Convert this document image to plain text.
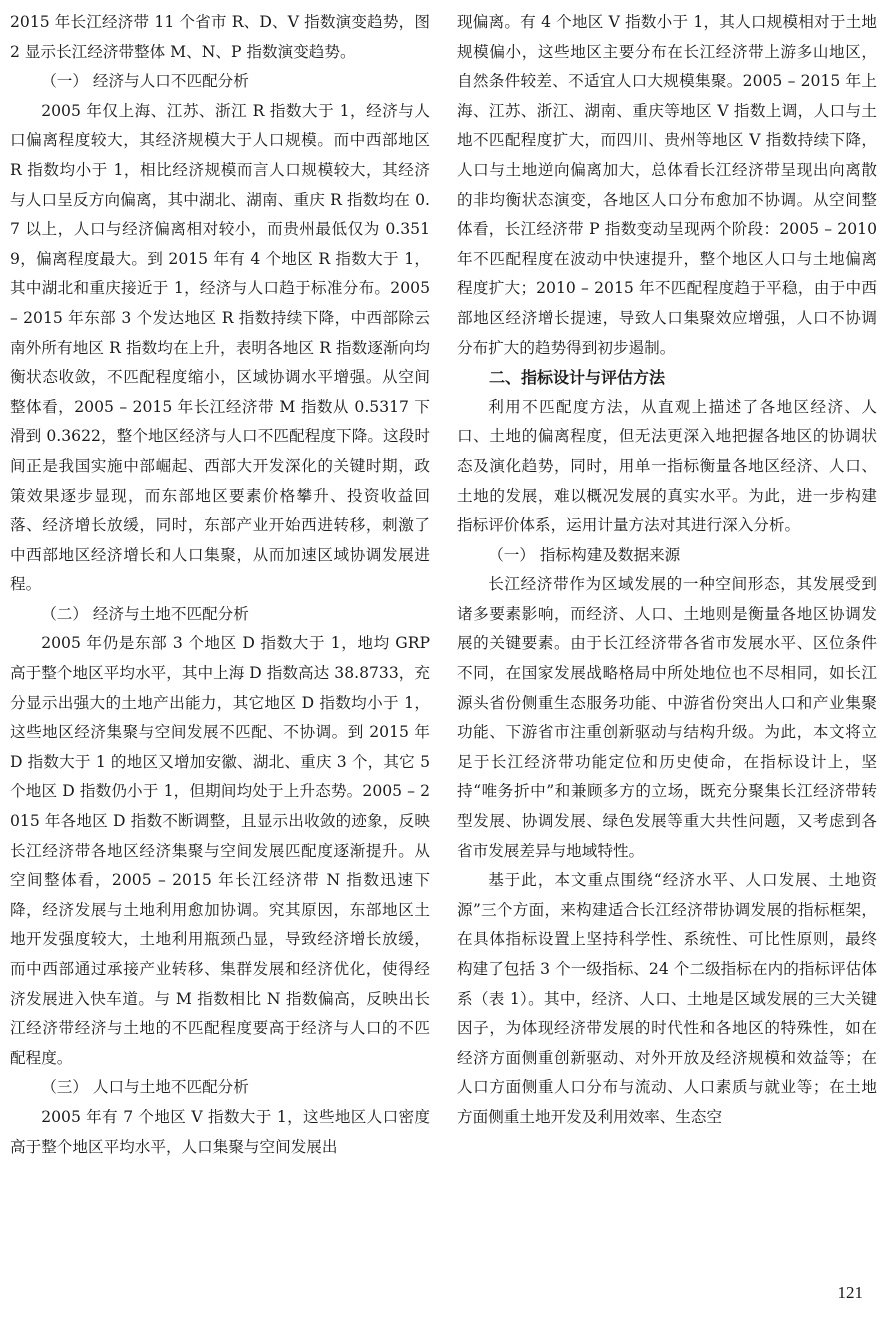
2015 年长江经济带 11 个省市 R、D、V 指数演变趋势，图 2 显示长江经济带整体 M、N、P 指数演变趋势。

（一） 经济与人口不匹配分析

2005 年仅上海、江苏、浙江 R 指数大于 1，经济与人口偏离程度较大，其经济规模大于人口规模。而中西部地区 R 指数均小于 1，相比经济规模而言人口规模较大，其经济与人口呈反方向偏离，其中湖北、湖南、重庆 R 指数均在 0.7 以上，人口与经济偏离相对较小，而贵州最低仅为 0.3519，偏离程度最大。到 2015 年有 4 个地区 R 指数大于 1，其中湖北和重庆接近于 1，经济与人口趋于标准分布。2005 – 2015 年东部 3 个发达地区 R 指数持续下降，中西部除云南外所有地区 R 指数均在上升，表明各地区 R 指数逐渐向均衡状态收敛，不匹配程度缩小，区域协调水平增强。从空间整体看，2005 – 2015 年长江经济带 M 指数从 0.5317 下滑到 0.3622，整个地区经济与人口不匹配程度下降。这段时间正是我国实施中部崛起、西部大开发深化的关键时期，政策效果逐步显现，而东部地区要素价格攀升、投资收益回落、经济增长放缓，同时，东部产业开始西进转移，刺激了中西部地区经济增长和人口集聚，从而加速区域协调发展进程。

（二） 经济与土地不匹配分析

2005 年仍是东部 3 个地区 D 指数大于 1，地均 GRP 高于整个地区平均水平，其中上海 D 指数高达 38.8733，充分显示出强大的土地产出能力，其它地区 D 指数均小于 1，这些地区经济集聚与空间发展不匹配、不协调。到 2015 年 D 指数大于 1 的地区又增加安徽、湖北、重庆 3 个，其它 5 个地区 D 指数仍小于 1，但期间均处于上升态势。2005 – 2015 年各地区 D 指数不断调整，且显示出收敛的迹象，反映长江经济带各地区经济集聚与空间发展匹配度逐渐提升。从空间整体看，2005 – 2015 年长江经济带 N 指数迅速下降，经济发展与土地利用愈加协调。究其原因，东部地区土地开发强度较大，土地利用瓶颈凸显，导致经济增长放缓，而中西部通过承接产业转移、集群发展和经济优化，使得经济发展进入快车道。与 M 指数相比 N 指数偏高，反映出长江经济带经济与土地的不匹配程度要高于经济与人口的不匹配程度。

（三） 人口与土地不匹配分析

2005 年有 7 个地区 V 指数大于 1，这些地区人口密度高于整个地区平均水平，人口集聚与空间发展出

现偏离。有 4 个地区 V 指数小于 1，其人口规模相对于土地规模偏小，这些地区主要分布在长江经济带上游多山地区，自然条件较差、不适宜人口大规模集聚。2005 – 2015 年上海、江苏、浙江、湖南、重庆等地区 V 指数上调，人口与土地不匹配程度扩大，而四川、贵州等地区 V 指数持续下降，人口与土地逆向偏离加大，总体看长江经济带呈现出向离散的非均衡状态演变，各地区人口分布愈加不协调。从空间整体看，长江经济带 P 指数变动呈现两个阶段：2005 – 2010 年不匹配程度在波动中快速提升，整个地区人口与土地偏离程度扩大；2010 – 2015 年不匹配程度趋于平稳，由于中西部地区经济增长提速，导致人口集聚效应增强，人口不协调分布扩大的趋势得到初步遏制。

二、指标设计与评估方法

利用不匹配度方法，从直观上描述了各地区经济、人口、土地的偏离程度，但无法更深入地把握各地区的协调状态及演化趋势，同时，用单一指标衡量各地区经济、人口、土地的发展，难以概况发展的真实水平。为此，进一步构建指标评价体系，运用计量方法对其进行深入分析。

（一） 指标构建及数据来源

长江经济带作为区域发展的一种空间形态，其发展受到诸多要素影响，而经济、人口、土地则是衡量各地区协调发展的关键要素。由于长江经济带各省市发展水平、区位条件不同，在国家发展战略格局中所处地位也不尽相同，如长江源头省份侧重生态服务功能、中游省份突出人口和产业集聚功能、下游省市注重创新驱动与结构升级。为此，本文将立足于长江经济带功能定位和历史使命，在指标设计上，坚持“唯务折中”和兼顾多方的立场，既充分聚集长江经济带转型发展、协调发展、绿色发展等重大共性问题，又考虑到各省市发展差异与地域特性。

基于此，本文重点围绕“经济水平、人口发展、土地资源”三个方面，来构建适合长江经济带协调发展的指标框架，在具体指标设置上坚持科学性、系统性、可比性原则，最终构建了包括 3 个一级指标、24 个二级指标在内的指标评估体系（表 1）。其中，经济、人口、土地是区域发展的三大关键因子，为体现经济带发展的时代性和各地区的特殊性，如在经济方面侧重创新驱动、对外开放及经济规模和效益等；在人口方面侧重人口分布与流动、人口素质与就业等；在土地方面侧重土地开发及利用效率、生态空

121
